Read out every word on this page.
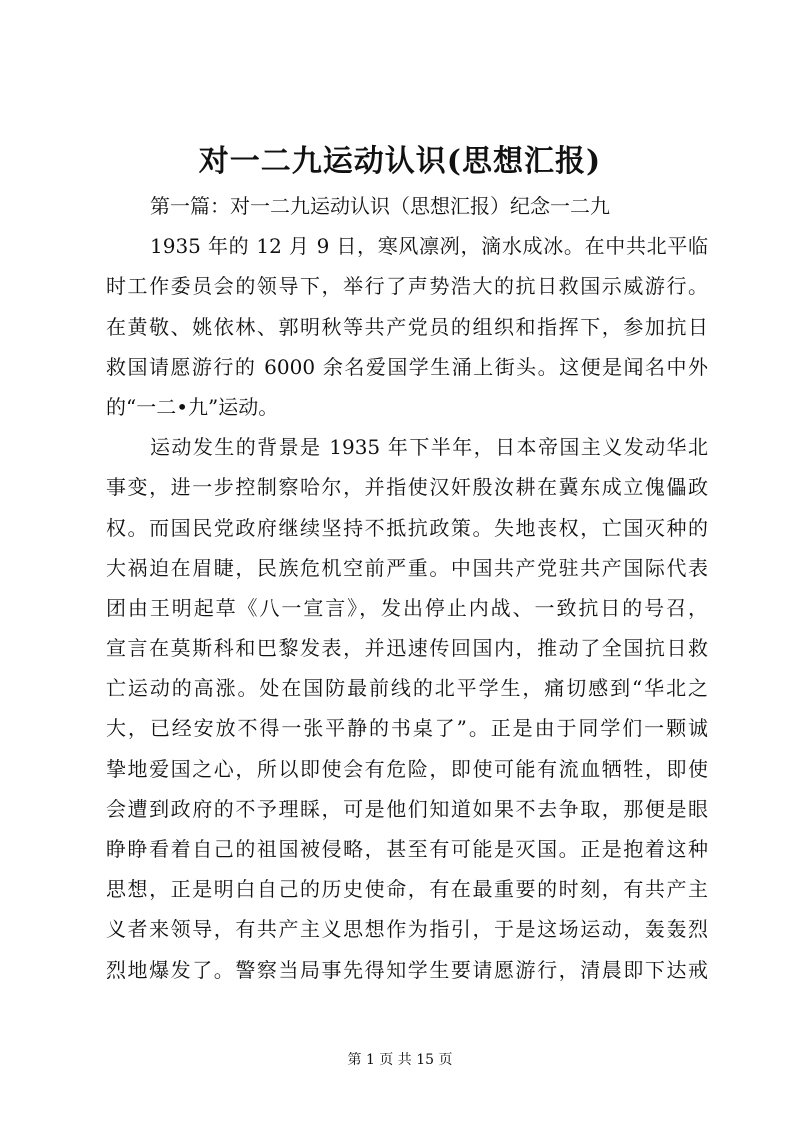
对一二九运动认识(思想汇报)
第一篇：对一二九运动认识（思想汇报）纪念一二九
1935 年的 12 月 9 日，寒风凛冽，滴水成冰。在中共北平临
时工作委员会的领导下，举行了声势浩大的抗日救国示威游行。
在黄敬、姚依林、郭明秋等共产党员的组织和指挥下，参加抗日
救国请愿游行的 6000 余名爱国学生涌上街头。这便是闻名中外
的“一二•九”运动。
运动发生的背景是 1935 年下半年，日本帝国主义发动华北
事变，进一步控制察哈尔，并指使汉奸殷汝耕在冀东成立傀儡政
权。而国民党政府继续坚持不抵抗政策。失地丧权，亡国灭种的
大祸迫在眉睫，民族危机空前严重。中国共产党驻共产国际代表
团由王明起草《八一宣言》，发出停止内战、一致抗日的号召，
宣言在莫斯科和巴黎发表，并迅速传回国内，推动了全国抗日救
亡运动的高涨。处在国防最前线的北平学生，痛切感到“华北之
大，已经安放不得一张平静的书桌了”。正是由于同学们一颗诚
挚地爱国之心，所以即使会有危险，即使可能有流血牺牲，即使
会遭到政府的不予理睬，可是他们知道如果不去争取，那便是眼
睁睁看着自己的祖国被侵略，甚至有可能是灭国。正是抱着这种
思想，正是明白自己的历史使命，有在最重要的时刻，有共产主
义者来领导，有共产主义思想作为指引，于是这场运动，轰轰烈
烈地爆发了。警察当局事先得知学生要请愿游行，清晨即下达戒
第 1 页 共 15 页
